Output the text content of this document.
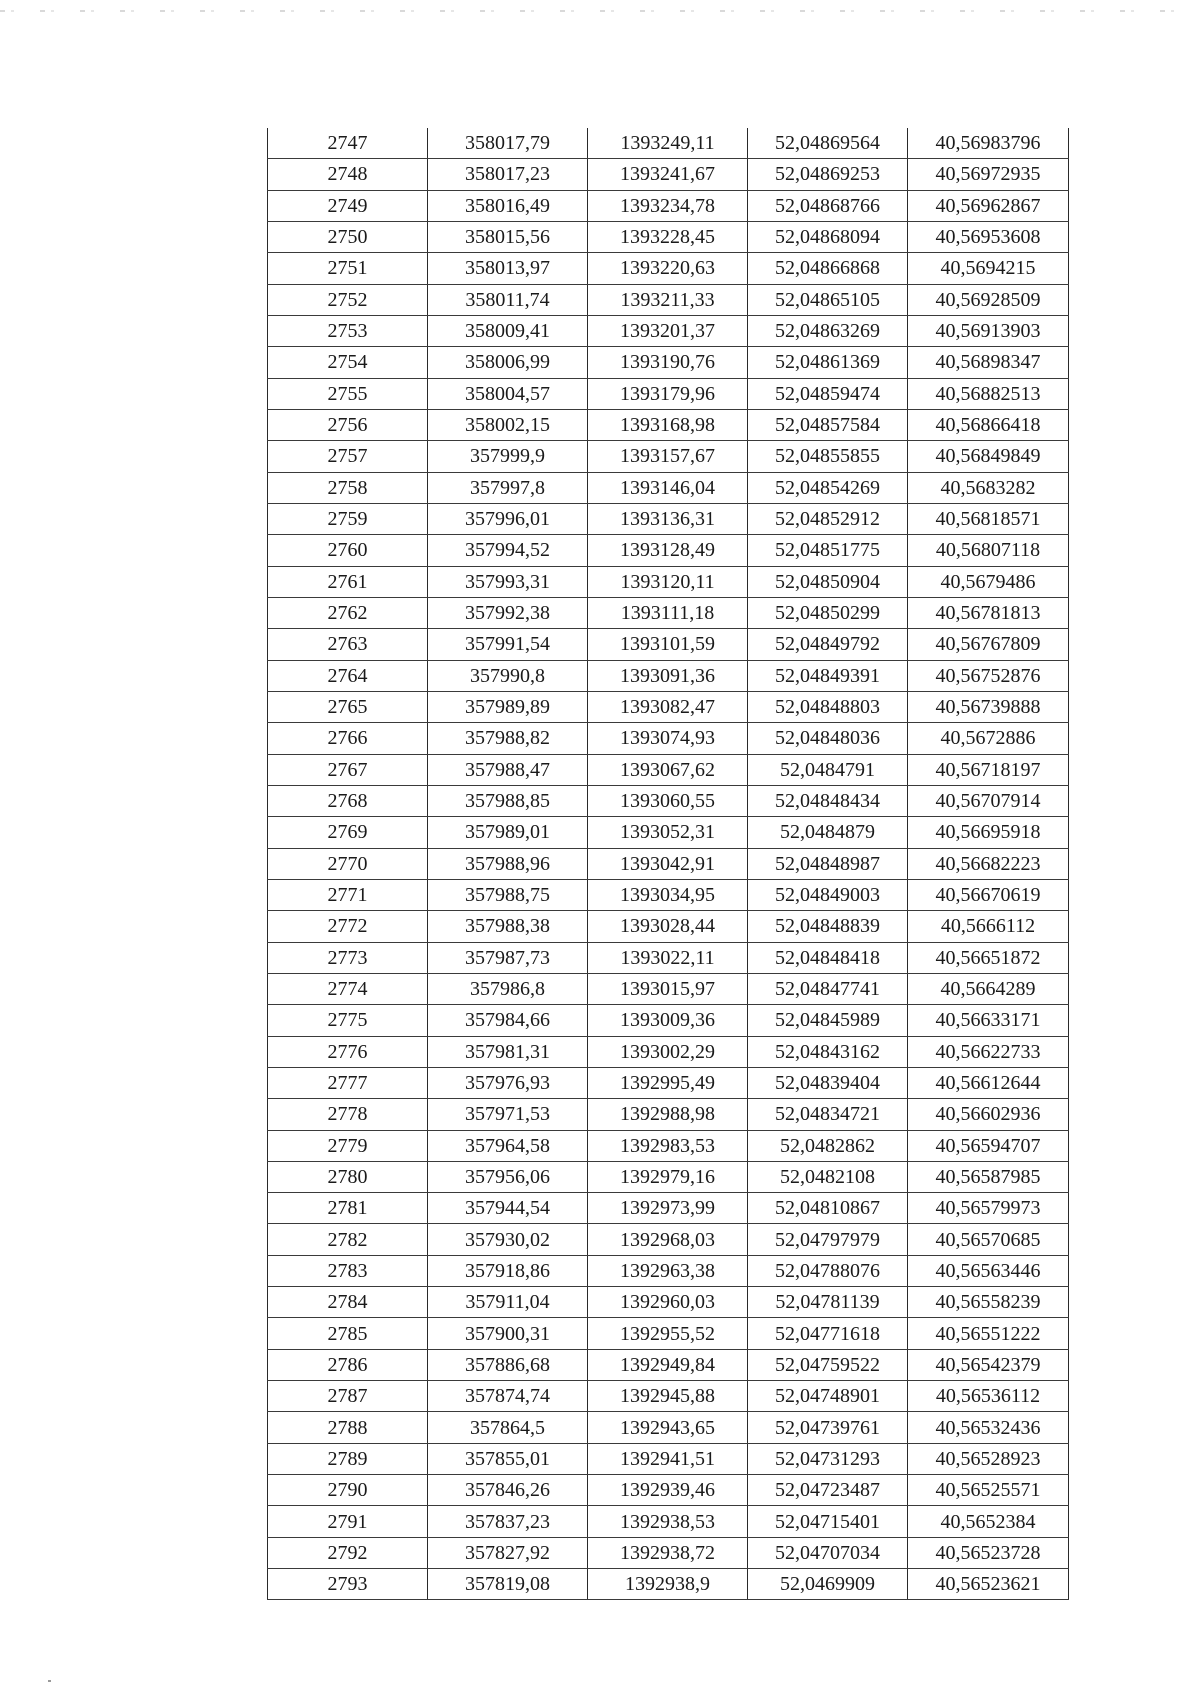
2747	358017,79	1393249,11	52,04869564	40,56983796
2748	358017,23	1393241,67	52,04869253	40,56972935
2749	358016,49	1393234,78	52,04868766	40,56962867
2750	358015,56	1393228,45	52,04868094	40,56953608
2751	358013,97	1393220,63	52,04866868	40,5694215
2752	358011,74	1393211,33	52,04865105	40,56928509
2753	358009,41	1393201,37	52,04863269	40,56913903
2754	358006,99	1393190,76	52,04861369	40,56898347
2755	358004,57	1393179,96	52,04859474	40,56882513
2756	358002,15	1393168,98	52,04857584	40,56866418
2757	357999,9	1393157,67	52,04855855	40,56849849
2758	357997,8	1393146,04	52,04854269	40,5683282
2759	357996,01	1393136,31	52,04852912	40,56818571
2760	357994,52	1393128,49	52,04851775	40,56807118
2761	357993,31	1393120,11	52,04850904	40,5679486
2762	357992,38	1393111,18	52,04850299	40,56781813
2763	357991,54	1393101,59	52,04849792	40,56767809
2764	357990,8	1393091,36	52,04849391	40,56752876
2765	357989,89	1393082,47	52,04848803	40,56739888
2766	357988,82	1393074,93	52,04848036	40,5672886
2767	357988,47	1393067,62	52,0484791	40,56718197
2768	357988,85	1393060,55	52,04848434	40,56707914
2769	357989,01	1393052,31	52,0484879	40,56695918
2770	357988,96	1393042,91	52,04848987	40,56682223
2771	357988,75	1393034,95	52,04849003	40,56670619
2772	357988,38	1393028,44	52,04848839	40,5666112
2773	357987,73	1393022,11	52,04848418	40,56651872
2774	357986,8	1393015,97	52,04847741	40,5664289
2775	357984,66	1393009,36	52,04845989	40,56633171
2776	357981,31	1393002,29	52,04843162	40,56622733
2777	357976,93	1392995,49	52,04839404	40,56612644
2778	357971,53	1392988,98	52,04834721	40,56602936
2779	357964,58	1392983,53	52,0482862	40,56594707
2780	357956,06	1392979,16	52,0482108	40,56587985
2781	357944,54	1392973,99	52,04810867	40,56579973
2782	357930,02	1392968,03	52,04797979	40,56570685
2783	357918,86	1392963,38	52,04788076	40,56563446
2784	357911,04	1392960,03	52,04781139	40,56558239
2785	357900,31	1392955,52	52,04771618	40,56551222
2786	357886,68	1392949,84	52,04759522	40,56542379
2787	357874,74	1392945,88	52,04748901	40,56536112
2788	357864,5	1392943,65	52,04739761	40,56532436
2789	357855,01	1392941,51	52,04731293	40,56528923
2790	357846,26	1392939,46	52,04723487	40,56525571
2791	357837,23	1392938,53	52,04715401	40,5652384
2792	357827,92	1392938,72	52,04707034	40,56523728
2793	357819,08	1392938,9	52,0469909	40,56523621
